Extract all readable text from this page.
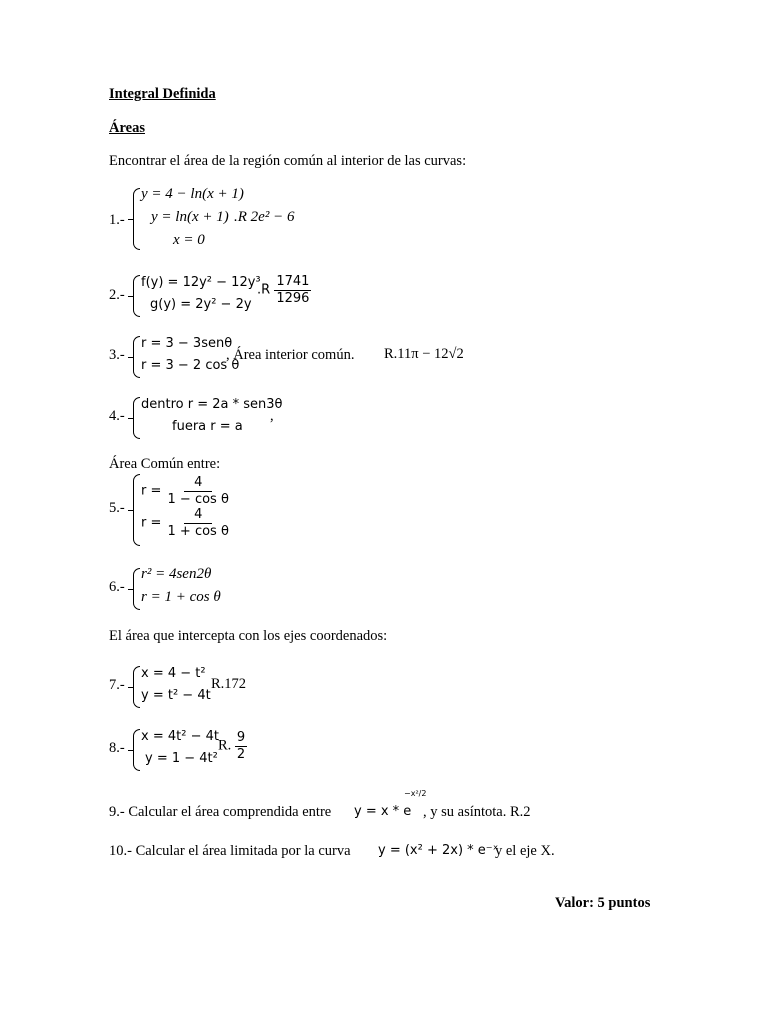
Integral Definida
Áreas
Encontrar el área de la región común al interior de las curvas:
1.-
y = 4 − ln(x + 1)
y = ln(x + 1)
x = 0
.R 2e² − 6
2.-
f(y) = 12y² − 12y³
g(y) = 2y² − 2y
$.R \frac{1741}{1296}$
3.-
r = 3 − 3senθ
r = 3 − 2 cos θ
, Área interior común. R.11π − 12√2
4.-
dentro r = 2a * sen3θ
fuera r = a
,
Área Común entre:
5.-
$r = \frac{4}{\text{1 − cos θ}}$
$r = \frac{4}{\text{1 + cos θ}}$
6.-
r² = 4sen2θ
r = 1 + cos θ
El área que intercepta con los ejes coordenados:
7.-
x = 4 − t²
y = t² − 4t
R.172
8.-
x = 4t² − 4t
y = 1 − 4t²
R. $\frac{9}{2}$
9.- Calcular el área comprendida entre y = x * e
−x²/2
, y su asíntota. R.2
10.- Calcular el área limitada por la curva y = (x² + 2x) * e⁻ˣ
y el eje X.
Valor: 5 puntos
